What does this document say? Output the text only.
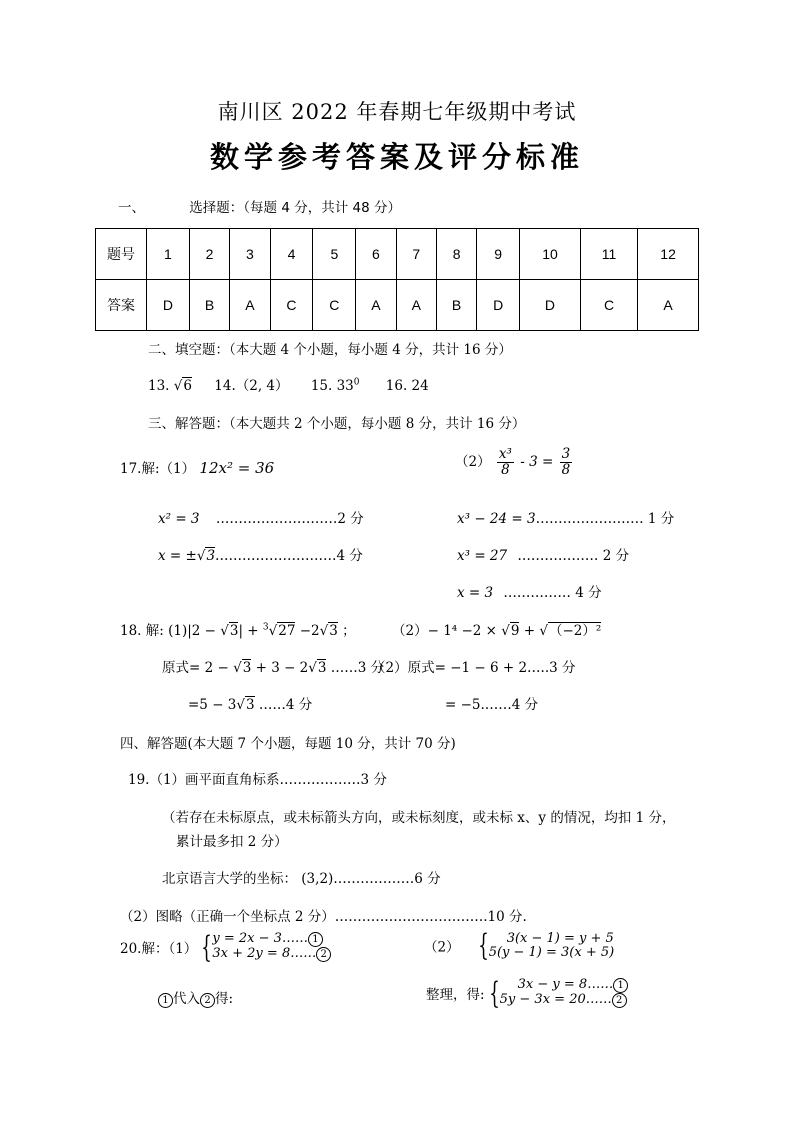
南川区 2022 年春期七年级期中考试
数学参考答案及评分标准
一、	选择题：（每题 4 分，共计 48 分）
题号	1	2	3	4	5	6	7	8	9	10	11	12
答案	D	B	A	C	C	A	A	B	D	D	C	A
二、填空题：（本大题 4 个小题，每小题 4 分，共计 16 分）
13. √6 14.（2, 4） 15. $33^0$ 16. 24
三、解答题：（本大题共 2 个小题，每小题 8 分，共计 16 分）
17.解:（1） 12x² = 36	$(2) \frac{\text{x³}}{8} - 3 = \frac{3}{8}$
x² = 3 ………………………2 分	x³ − 24 = 3…………………… 1 分
x = ±√3………………………4 分	x³ = 27 ……………… 2 分
x = 3 …………… 4 分
18. 解: (1)|2 − √3| + $^3$√27 −2√3 ；	（2）− 1⁴ −2 × √9 + √（−2）²
原式= 2 − √3 + 3 − 2√3 ……3 分
（2）原式= −1 − 6 + 2…..3 分
=5 − 3√3 ……4 分	= −5.……4 分
四、解答题(本大题 7 个小题，每题 10 分，共计 70 分)
19.（1）画平面直角标系………………3 分
（若存在未标原点，或未标箭头方向，或未标刻度，或未标 x、y 的情况，均扣 1 分，
累计最多扣 2 分）
北京语言大学的坐标： (3,2)………………6 分
（2）图略（正确一个坐标点 2 分）…………………………….10 分.
20.解：（1） { y = 2x − 3…… 1
3x + 2y = 8…… 2	（2） {	3(x − 1) = y + 5
5(y − 1) = 3(x + 5)
1 代入 2 得:	整理，得: {	3x − y = 8…… 1
5y − 3x = 20…… 2
